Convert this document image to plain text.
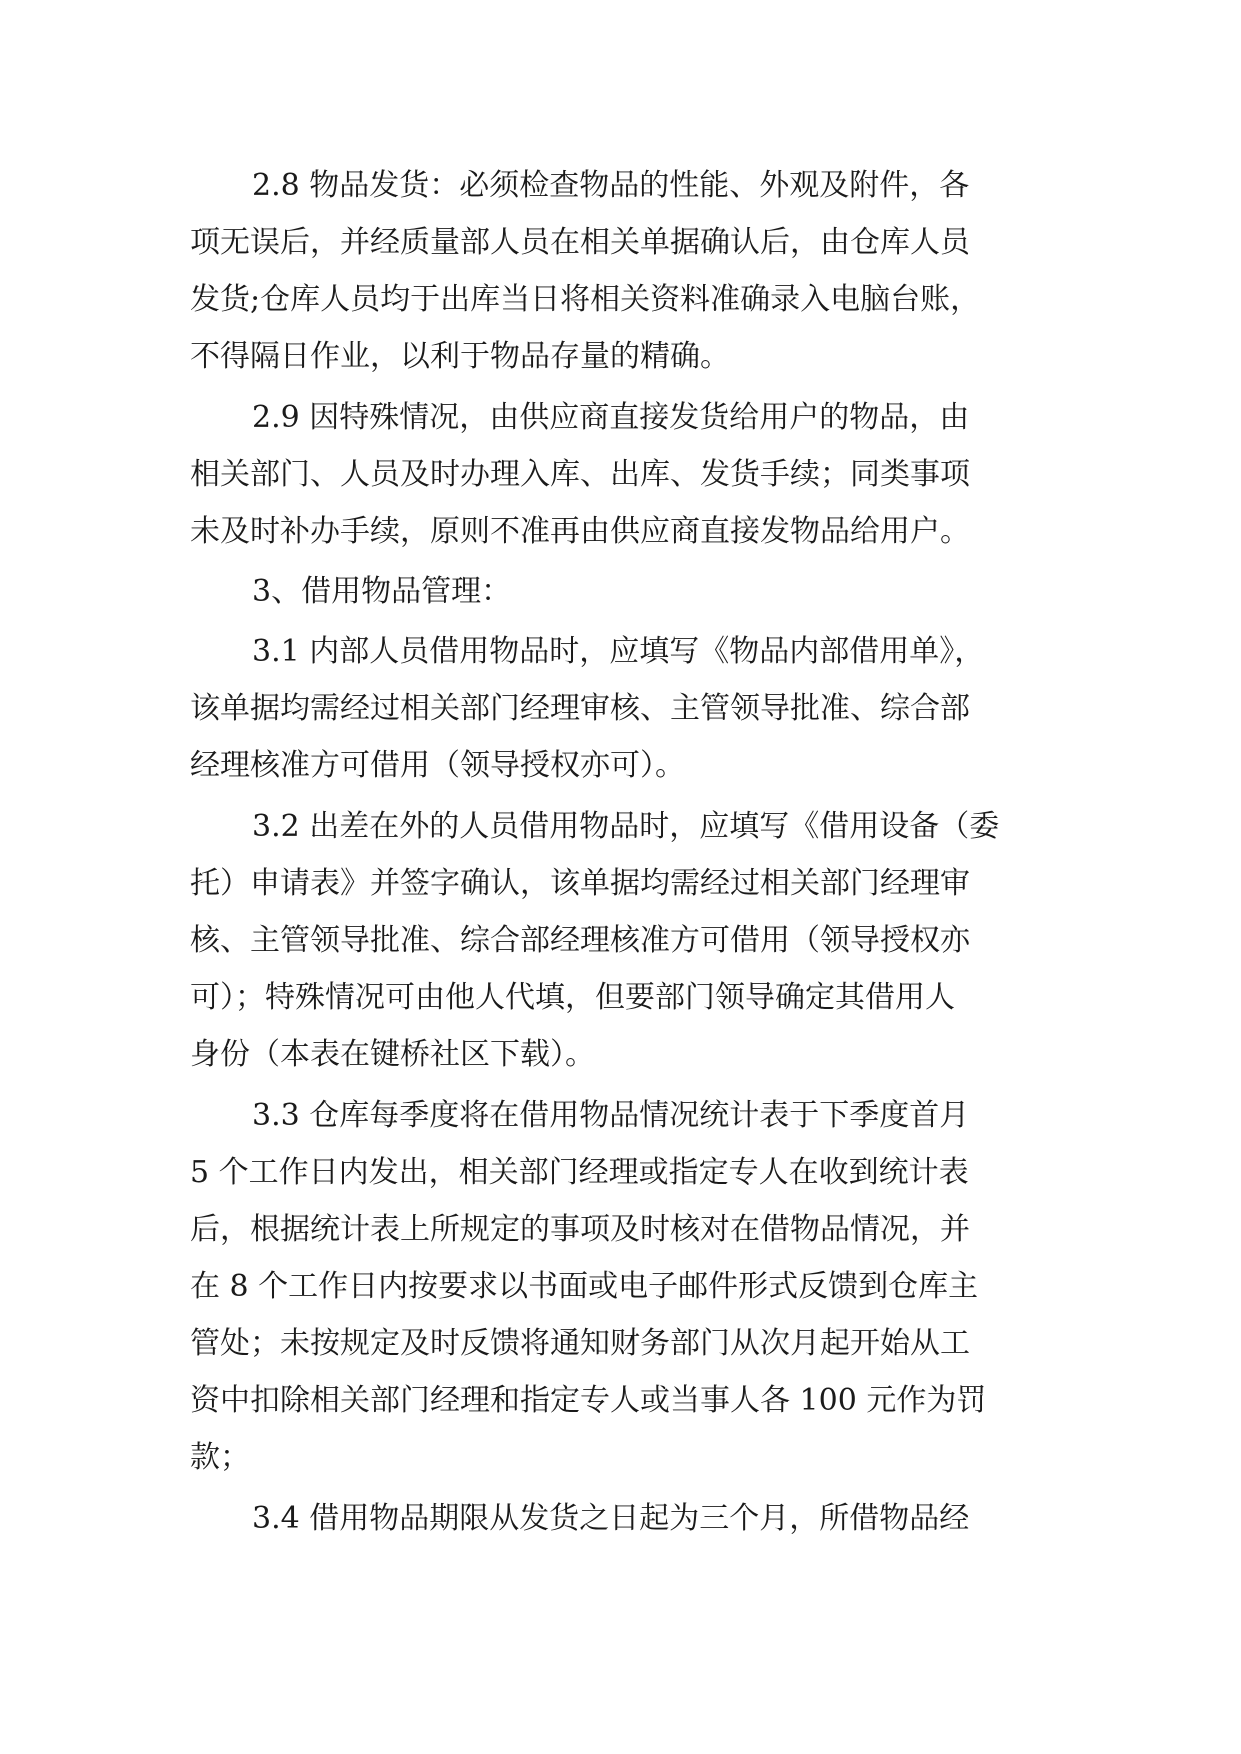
2.8 物品发货：必须检查物品的性能、外观及附件，各

项无误后，并经质量部人员在相关单据确认后，由仓库人员

发货;仓库人员均于出库当日将相关资料准确录入电脑台账，

不得隔日作业，以利于物品存量的精确。

2.9 因特殊情况，由供应商直接发货给用户的物品，由

相关部门、人员及时办理入库、出库、发货手续；同类事项

未及时补办手续，原则不准再由供应商直接发物品给用户。

3、借用物品管理：

3.1 内部人员借用物品时，应填写《物品内部借用单》，

该单据均需经过相关部门经理审核、主管领导批准、综合部

经理核准方可借用（领导授权亦可）。

3.2 出差在外的人员借用物品时，应填写《借用设备（委

托）申请表》并签字确认，该单据均需经过相关部门经理审

核、主管领导批准、综合部经理核准方可借用（领导授权亦

可）；特殊情况可由他人代填，但要部门领导确定其借用人

身份（本表在键桥社区下载）。

3.3 仓库每季度将在借用物品情况统计表于下季度首月

5 个工作日内发出，相关部门经理或指定专人在收到统计表

后，根据统计表上所规定的事项及时核对在借物品情况，并

在 8 个工作日内按要求以书面或电子邮件形式反馈到仓库主

管处；未按规定及时反馈将通知财务部门从次月起开始从工

资中扣除相关部门经理和指定专人或当事人各 100 元作为罚

款；

3.4 借用物品期限从发货之日起为三个月，所借物品经
